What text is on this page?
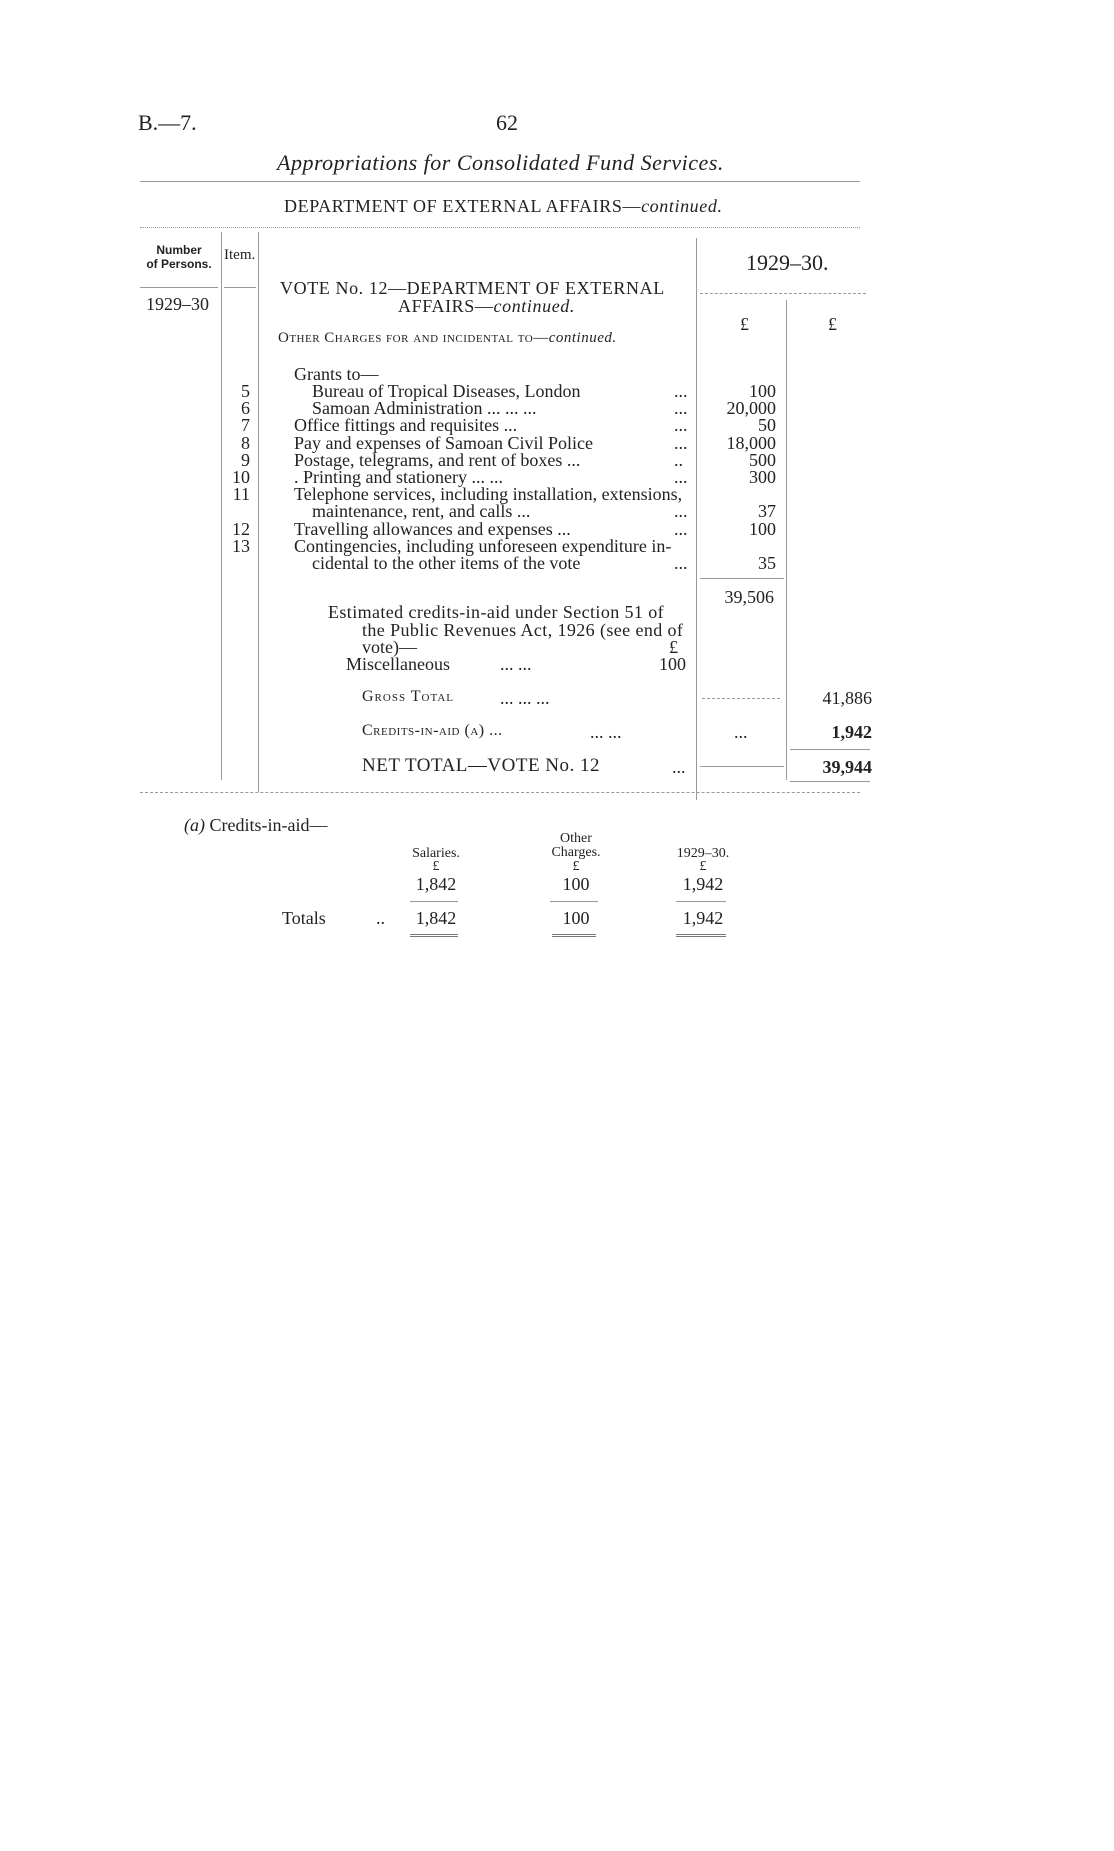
B.—7.	62
Appropriations for Consolidated Fund Services.
DEPARTMENT OF EXTERNAL AFFAIRS—continued.
Number
of Persons.
Item.	1929–30.
1929–30
£	£
VOTE No. 12—DEPARTMENT OF EXTERNAL
AFFAIRS—continued.
Other Charges for and incidental to—continued.
Grants to—
5	Bureau of Tropical Diseases, London	...	100
6	Samoan Administration ... ... ...	...	20,000
7 Office fittings and requisites ...	...	50
8 Pay and expenses of Samoan Civil Police	...	18,000
9 Postage, telegrams, and rent of boxes ...	..	500
10 . Printing and stationery ... ...	...	300
11 Telephone services, including installation, extensions,
maintenance, rent, and calls ...	...	37
12 Travelling allowances and expenses ...	...	100
13 Contingencies, including unforeseen expenditure in-
cidental to the other items of the vote	...	35
39,506
Estimated credits-in-aid under Section 51 of
the Public Revenues Act, 1926 (see end of
vote)—	£
Miscellaneous	... ...	100
Gross Total	... ... ...	41,886
Credits-in-aid (a) ...	... ...	...	1,942
NET TOTAL—VOTE No. 12	...	39,944
(a) Credits-in-aid—
Salaries.
Other
Charges.	1929–30.
£	£	£
1,842	100	1,942
Totals	..	1,842	100	1,942
